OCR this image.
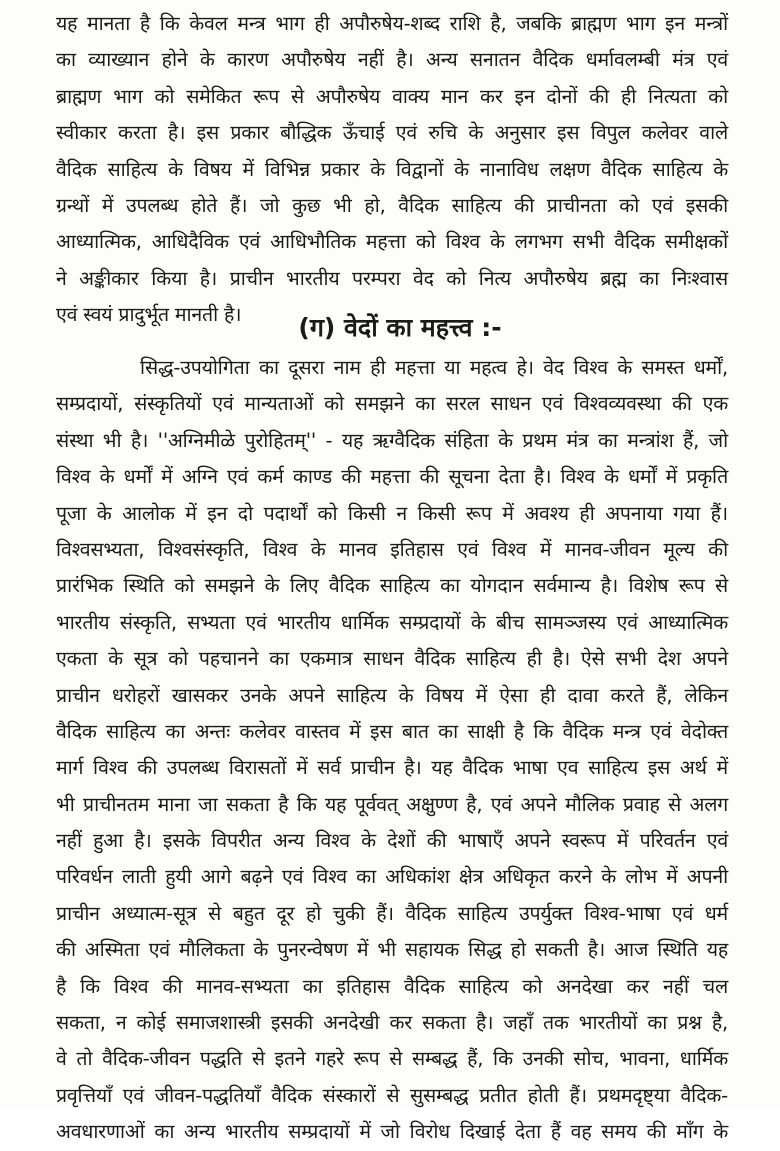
यह मानता है कि केवल मन्त्र भाग ही अपौरुषेय-शब्द राशि है, जबकि ब्राह्मण भाग इन मन्त्रों
का व्याख्यान होने के कारण अपौरुषेय नहीं है। अन्य सनातन वैदिक धर्मावलम्बी मंत्र एवं
ब्राह्मण भाग को समेकित रूप से अपौरुषेय वाक्य मान कर इन दोनों की ही नित्यता को
स्वीकार करता है। इस प्रकार बौद्धिक ऊँचाई एवं रुचि के अनुसार इस विपुल कलेवर वाले
वैदिक साहित्य के विषय में विभिन्न प्रकार के विद्वानों के नानाविध लक्षण वैदिक साहित्य के
ग्रन्थों में उपलब्ध होते हैं। जो कुछ भी हो, वैदिक साहित्य की प्राचीनता को एवं इसकी
आध्यात्मिक, आधिदैविक एवं आधिभौतिक महत्ता को विश्व के लगभग सभी वैदिक समीक्षकों
ने अङ्कीकार किया है। प्राचीन भारतीय परम्परा वेद को नित्य अपौरुषेय ब्रह्म का निःश्वास
एवं स्वयं प्रादुर्भूत मानती है।	(ग) वेदों का महत्त्व :-
सिद्ध-उपयोगिता का दूसरा नाम ही महत्ता या महत्व हे। वेद विश्व के समस्त धर्मों,
सम्प्रदायों, संस्कृतियों एवं मान्यताओं को समझने का सरल साधन एवं विश्वव्यवस्था की एक
संस्था भी है। ''अग्निमीळे पुरोहितम्'' - यह ऋग्वैदिक संहिता के प्रथम मंत्र का मन्त्रांश हैं, जो
विश्व के धर्मों में अग्नि एवं कर्म काण्ड की महत्ता की सूचना देता है। विश्व के धर्मों में प्रकृति
पूजा के आलोक में इन दो पदार्थों को किसी न किसी रूप में अवश्य ही अपनाया गया हैं।
विश्वसभ्यता, विश्वसंस्कृति, विश्व के मानव इतिहास एवं विश्व में मानव-जीवन मूल्य की
प्रारंभिक स्थिति को समझने के लिए वैदिक साहित्य का योगदान सर्वमान्य है। विशेष रूप से
भारतीय संस्कृति, सभ्यता एवं भारतीय धार्मिक सम्प्रदायों के बीच सामञ्जस्य एवं आध्यात्मिक
एकता के सूत्र को पहचानने का एकमात्र साधन वैदिक साहित्य ही है। ऐसे सभी देश अपने
प्राचीन धरोहरों खासकर उनके अपने साहित्य के विषय में ऐसा ही दावा करते हैं, लेकिन
वैदिक साहित्य का अन्तः कलेवर वास्तव में इस बात का साक्षी है कि वैदिक मन्त्र एवं वेदोक्त
मार्ग विश्व की उपलब्ध विरासतों में सर्व प्राचीन है। यह वैदिक भाषा एव साहित्य इस अर्थ में
भी प्राचीनतम माना जा सकता है कि यह पूर्ववत् अक्षुण्ण है, एवं अपने मौलिक प्रवाह से अलग
नहीं हुआ है। इसके विपरीत अन्य विश्व के देशों की भाषाएँ अपने स्वरूप में परिवर्तन एवं
परिवर्धन लाती हुयी आगे बढ़ने एवं विश्व का अधिकांश क्षेत्र अधिकृत करने के लोभ में अपनी
प्राचीन अध्यात्म-सूत्र से बहुत दूर हो चुकी हैं। वैदिक साहित्य उपर्युक्त विश्व-भाषा एवं धर्म
की अस्मिता एवं मौलिकता के पुनरन्वेषण में भी सहायक सिद्ध हो सकती है। आज स्थिति यह
है कि विश्व की मानव-सभ्यता का इतिहास वैदिक साहित्य को अनदेखा कर नहीं चल
सकता, न कोई समाजशास्त्री इसकी अनदेखी कर सकता है। जहाँ तक भारतीयों का प्रश्न है,
वे तो वैदिक-जीवन पद्धति से इतने गहरे रूप से सम्बद्ध हैं, कि उनकी सोच, भावना, धार्मिक
प्रवृत्तियाँ एवं जीवन-पद्धतियाँ वैदिक संस्कारों से सुसम्बद्ध प्रतीत होती हैं। प्रथमदृष्ट्या वैदिक-
अवधारणाओं का अन्य भारतीय सम्प्रदायों में जो विरोध दिखाई देता हैं वह समय की माँग के
